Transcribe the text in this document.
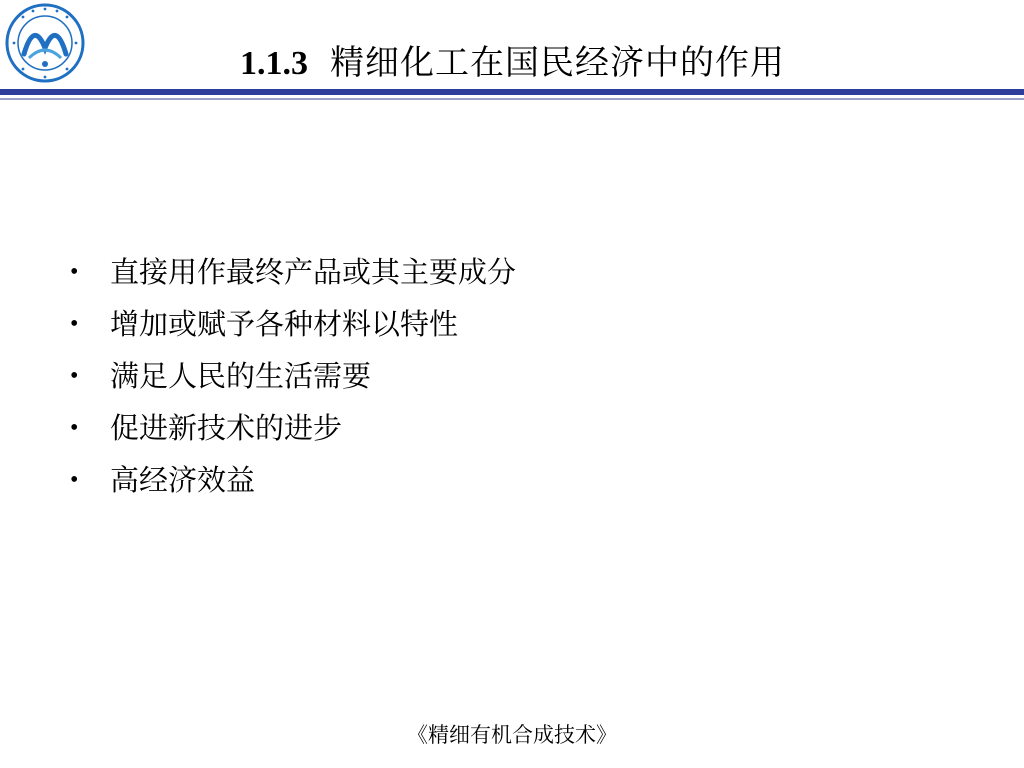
1.1.3 精细化工在国民经济中的作用
•	直接用作最终产品或其主要成分
•	增加或赋予各种材料以特性
•	满足人民的生活需要
•	促进新技术的进步
•	高经济效益
《精细有机合成技术》
